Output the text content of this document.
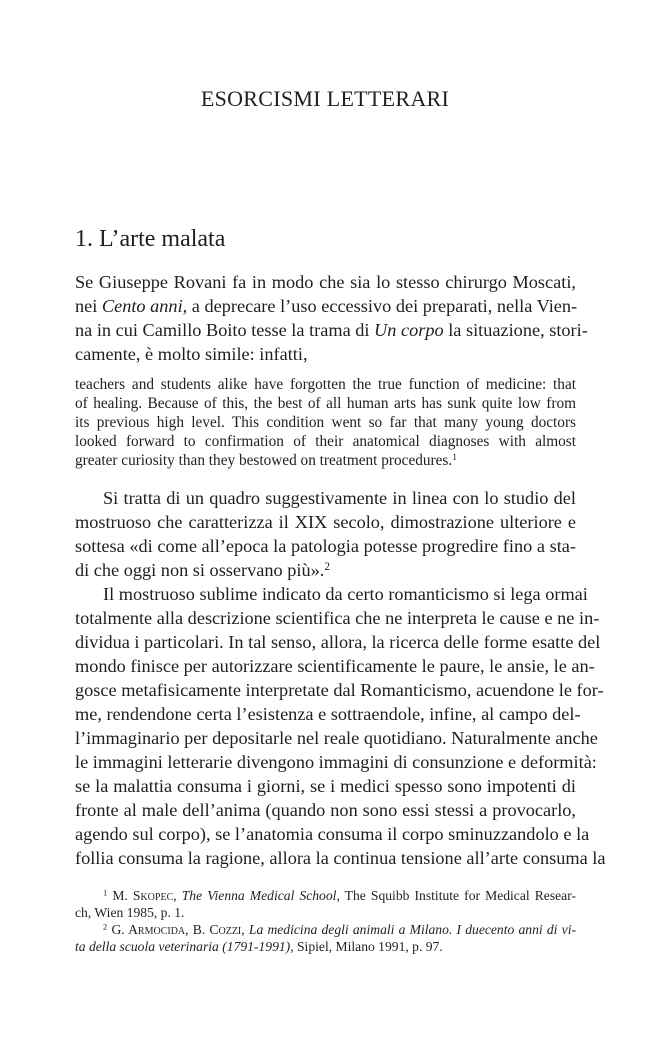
ESORCISMI LETTERARI
1. L’arte malata
Se Giuseppe Rovani fa in modo che sia lo stesso chirurgo Moscati,
nei Cento anni, a deprecare l’uso eccessivo dei preparati, nella Vien-
na in cui Camillo Boito tesse la trama di Un corpo la situazione, stori-
camente, è molto simile: infatti,
teachers and students alike have forgotten the true function of medicine: that
of healing. Because of this, the best of all human arts has sunk quite low from
its previous high level. This condition went so far that many young doctors
looked forward to confirmation of their anatomical diagnoses with almost
greater curiosity than they bestowed on treatment procedures.$^1$
Si tratta di un quadro suggestivamente in linea con lo studio del
mostruoso che caratterizza il XIX secolo, dimostrazione ulteriore e
sottesa «di come all’epoca la patologia potesse progredire fino a sta-
di che oggi non si osservano più».$^2$
Il mostruoso sublime indicato da certo romanticismo si lega ormai
totalmente alla descrizione scientifica che ne interpreta le cause e ne in-
dividua i particolari. In tal senso, allora, la ricerca delle forme esatte del
mondo finisce per autorizzare scientificamente le paure, le ansie, le an-
gosce metafisicamente interpretate dal Romanticismo, acuendone le for-
me, rendendone certa l’esistenza e sottraendole, infine, al campo del-
l’immaginario per depositarle nel reale quotidiano. Naturalmente anche
le immagini letterarie divengono immagini di consunzione e deformità:
se la malattia consuma i giorni, se i medici spesso sono impotenti di
fronte al male dell’anima (quando non sono essi stessi a provocarlo,
agendo sul corpo), se l’anatomia consuma il corpo sminuzzandolo e la
follia consuma la ragione, allora la continua tensione all’arte consuma la
$^1$ M. Skopec, The Vienna Medical School, The Squibb Institute for Medical Resear-
ch, Wien 1985, p. 1.
$^2$ G. Armocida, B. Cozzi, La medicina degli animali a Milano. I duecento anni di vi-
ta della scuola veterinaria (1791-1991), Sipiel, Milano 1991, p. 97.
